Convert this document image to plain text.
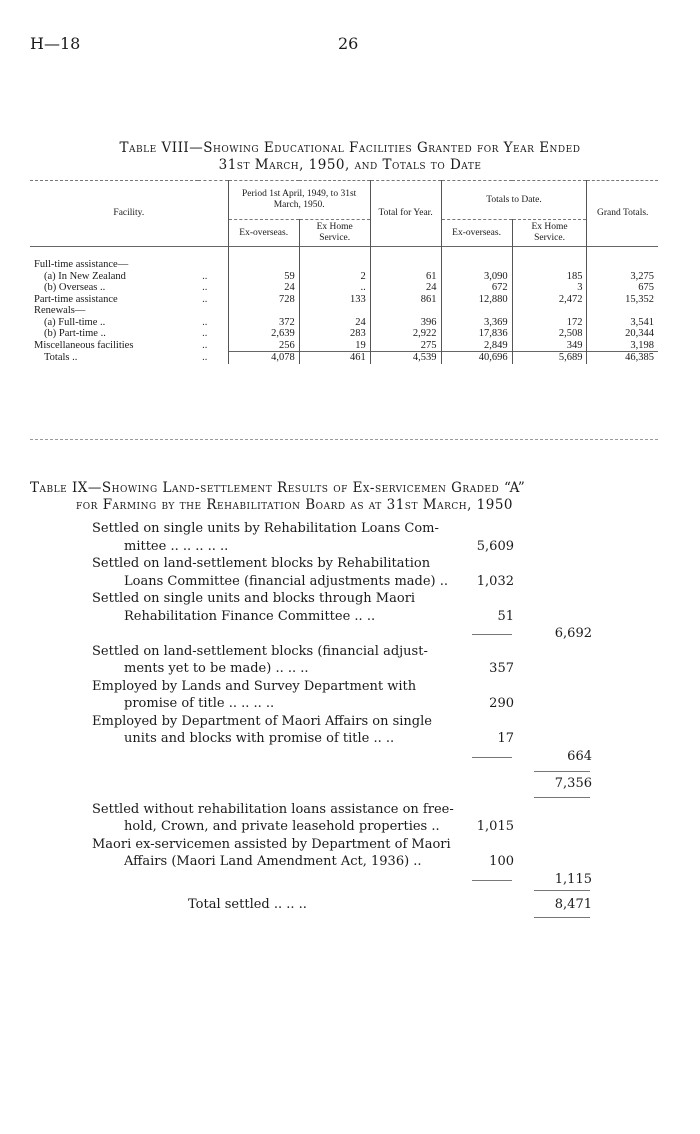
H—18	26
Table VIII—Showing Educational Facilities Granted for Year Ended
31st March, 1950, and Totals to Date
Facility.		Period 1st April, 1949, to 31st March, 1950.		Total for Year.	Totals to Date.		Grand Totals.
		Ex-overseas.	Ex Home Service.		Ex-overseas.	Ex Home Service.	

Full-time assistance—							
(a) In New Zealand	..	59	2	61	3,090	185	3,275
(b) Overseas ..	..	24	..	24	672	3	675
Part-time assistance	..	728	133	861	12,880	2,472	15,352
Renewals—							
(a) Full-time ..	..	372	24	396	3,369	172	3,541
(b) Part-time ..	..	2,639	283	2,922	17,836	2,508	20,344
Miscellaneous facilities	..	256	19	275	2,849	349	3,198
Totals ..	..	4,078	461	4,539	40,696	5,689	46,385
Table IX—Showing Land-settlement Results of Ex-servicemen Graded “A”
for Farming by the Rehabilitation Board as at 31st March, 1950
Settled on single units by Rehabilitation Loans Com-
mittee .. .. .. .. ..	5,609
Settled on land-settlement blocks by Rehabilitation
Loans Committee (financial adjustments made) ..	1,032
Settled on single units and blocks through Maori
Rehabilitation Finance Committee .. ..	51
6,692
Settled on land-settlement blocks (financial adjust-
ments yet to be made) .. .. ..	357
Employed by Lands and Survey Department with
promise of title .. .. .. ..	290
Employed by Department of Maori Affairs on single
units and blocks with promise of title .. ..	17
664
7,356
Settled without rehabilitation loans assistance on free-
hold, Crown, and private leasehold properties ..	1,015
Maori ex-servicemen assisted by Department of Maori
Affairs (Maori Land Amendment Act, 1936) ..	100
1,115
Total settled .. .. ..	8,471
